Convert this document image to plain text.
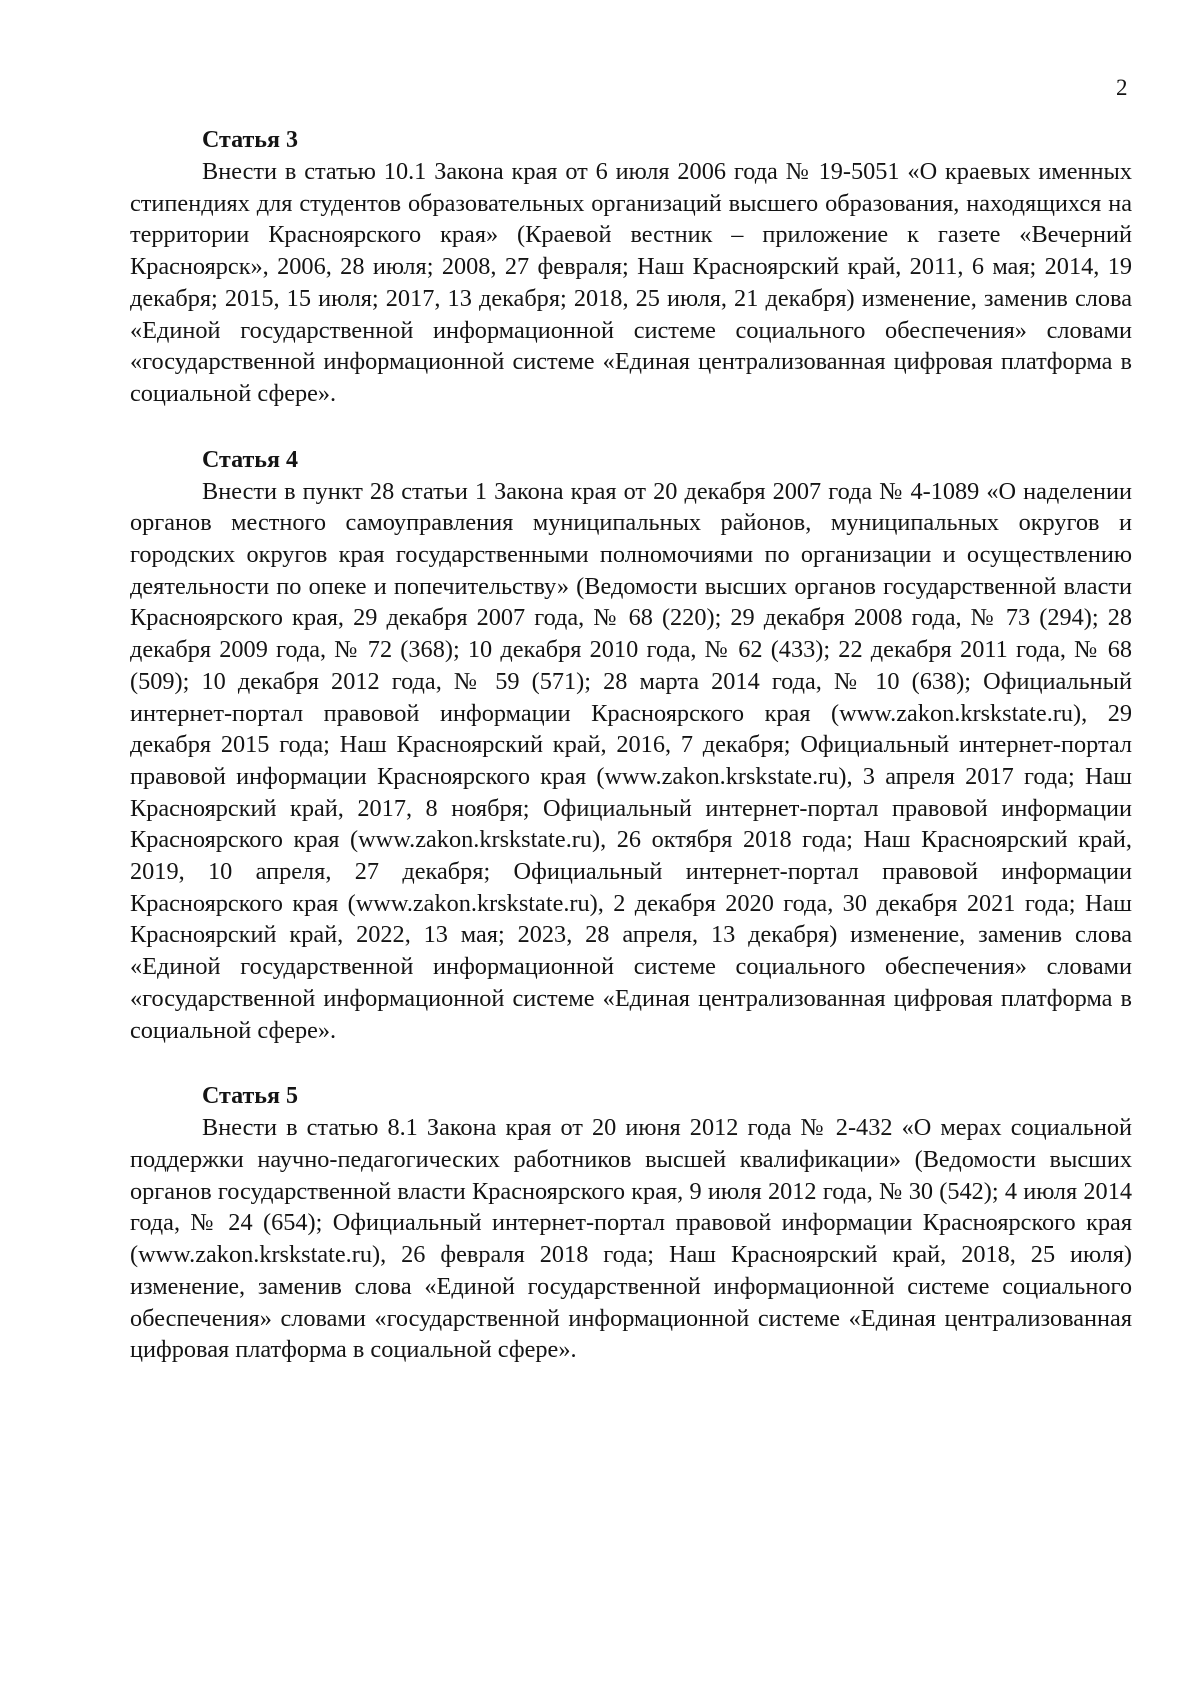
2
Статья 3

Внести в статью 10.1 Закона края от 6 июля 2006 года № 19-5051 «О краевых именных стипендиях для студентов образовательных организаций высшего образования, находящихся на территории Красноярского края» (Краевой вестник – приложение к газете «Вечерний Красноярск», 2006, 28 июля; 2008, 27 февраля; Наш Красноярский край, 2011, 6 мая; 2014, 19 декабря; 2015, 15 июля; 2017, 13 декабря; 2018, 25 июля, 21 декабря) изменение, заменив слова «Единой государственной информационной системе социального обеспечения» словами «государственной информационной системе «Единая централизованная цифровая платформа в социальной сфере».

Статья 4

Внести в пункт 28 статьи 1 Закона края от 20 декабря 2007 года № 4-1089 «О наделении органов местного самоуправления муниципальных районов, муниципальных округов и городских округов края государственными полномочиями по организации и осуществлению деятельности по опеке и попечительству» (Ведомости высших органов государственной власти Красноярского края, 29 декабря 2007 года, № 68 (220); 29 декабря 2008 года, № 73 (294); 28 декабря 2009 года, № 72 (368); 10 декабря 2010 года, № 62 (433); 22 декабря 2011 года, № 68 (509); 10 декабря 2012 года, № 59 (571); 28 марта 2014 года, № 10 (638); Официальный интернет-портал правовой информации Красноярского края (www.zakon.krskstate.ru), 29 декабря 2015 года; Наш Красноярский край, 2016, 7 декабря; Официальный интернет-портал правовой информации Красноярского края (www.zakon.krskstate.ru), 3 апреля 2017 года; Наш Красноярский край, 2017, 8 ноября; Официальный интернет-портал правовой информации Красноярского края (www.zakon.krskstate.ru), 26 октября 2018 года; Наш Красноярский край, 2019, 10 апреля, 27 декабря; Официальный интернет-портал правовой информации Красноярского края (www.zakon.krskstate.ru), 2 декабря 2020 года, 30 декабря 2021 года; Наш Красноярский край, 2022, 13 мая; 2023, 28 апреля, 13 декабря) изменение, заменив слова «Единой государственной информационной системе социального обеспечения» словами «государственной информационной системе «Единая централизованная цифровая платформа в социальной сфере».

Статья 5

Внести в статью 8.1 Закона края от 20 июня 2012 года № 2-432 «О мерах социальной поддержки научно-педагогических работников высшей квалификации» (Ведомости высших органов государственной власти Красноярского края, 9 июля 2012 года, № 30 (542); 4 июля 2014 года, № 24 (654); Официальный интернет-портал правовой информации Красноярского края (www.zakon.krskstate.ru), 26 февраля 2018 года; Наш Красноярский край, 2018, 25 июля) изменение, заменив слова «Единой государственной информационной системе социального обеспечения» словами «государственной информационной системе «Единая централизованная цифровая платформа в социальной сфере».
